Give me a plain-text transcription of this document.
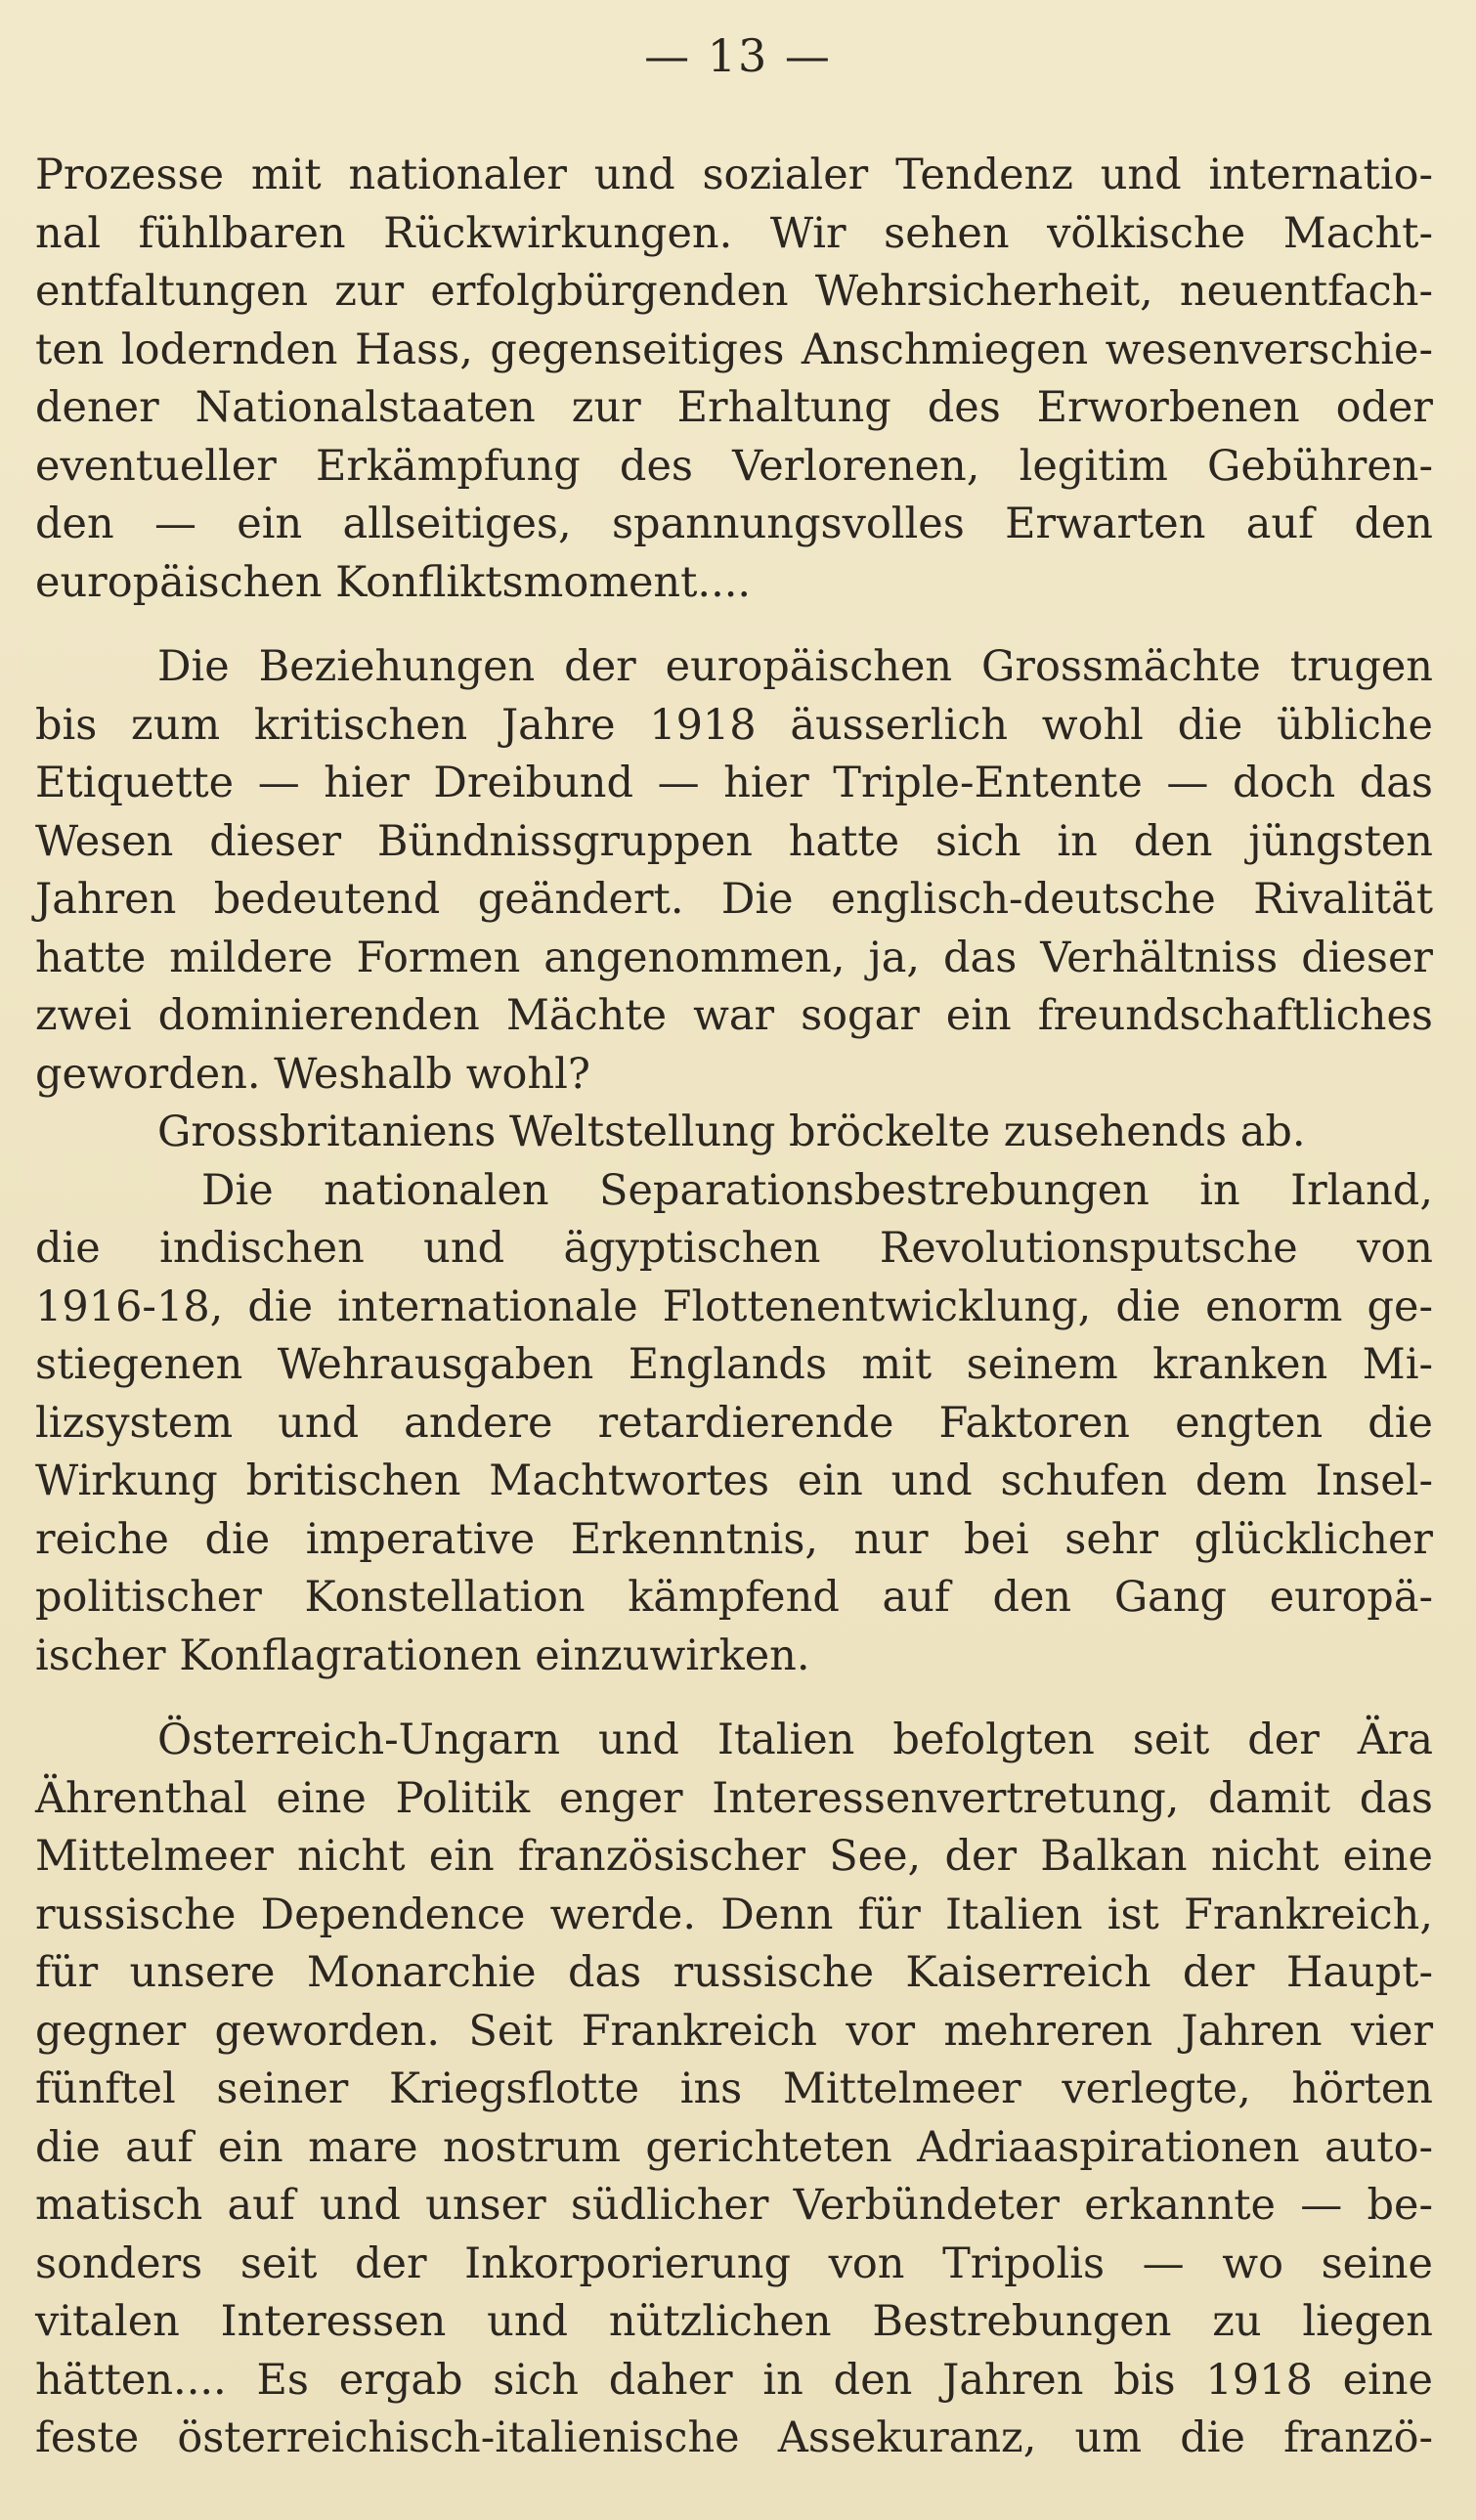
— 13 —
Prozesse mit nationaler und sozialer Tendenz und internatio-
nal fühlbaren Rückwirkungen. Wir sehen völkische Macht-
entfaltungen zur erfolgbürgenden Wehrsicherheit, neuentfach-
ten lodernden Hass, gegenseitiges Anschmiegen wesenverschie-
dener Nationalstaaten zur Erhaltung des Erworbenen oder
eventueller Erkämpfung des Verlorenen, legitim Gebühren-
den — ein allseitiges, spannungsvolles Erwarten auf den
europäischen Konfliktsmoment....
Die Beziehungen der europäischen Grossmächte trugen
bis zum kritischen Jahre 1918 äusserlich wohl die übliche
Etiquette — hier Dreibund — hier Triple-Entente — doch das
Wesen dieser Bündnissgruppen hatte sich in den jüngsten
Jahren bedeutend geändert. Die englisch-deutsche Rivalität
hatte mildere Formen angenommen, ja, das Verhältniss dieser
zwei dominierenden Mächte war sogar ein freundschaftliches
geworden. Weshalb wohl?
Grossbritaniens Weltstellung bröckelte zusehends ab.
Die nationalen Separationsbestrebungen in Irland,
die indischen und ägyptischen Revolutionsputsche von
1916-18, die internationale Flottenentwicklung, die enorm ge-
stiegenen Wehrausgaben Englands mit seinem kranken Mi-
lizsystem und andere retardierende Faktoren engten die
Wirkung britischen Machtwortes ein und schufen dem Insel-
reiche die imperative Erkenntnis, nur bei sehr glücklicher
politischer Konstellation kämpfend auf den Gang europä-
ischer Konflagrationen einzuwirken.
Österreich-Ungarn und Italien befolgten seit der Ära
Ährenthal eine Politik enger Interessenvertretung, damit das
Mittelmeer nicht ein französischer See, der Balkan nicht eine
russische Dependence werde. Denn für Italien ist Frankreich,
für unsere Monarchie das russische Kaiserreich der Haupt-
gegner geworden. Seit Frankreich vor mehreren Jahren vier
fünftel seiner Kriegsflotte ins Mittelmeer verlegte, hörten
die auf ein mare nostrum gerichteten Adriaaspirationen auto-
matisch auf und unser südlicher Verbündeter erkannte — be-
sonders seit der Inkorporierung von Tripolis — wo seine
vitalen Interessen und nützlichen Bestrebungen zu liegen
hätten.... Es ergab sich daher in den Jahren bis 1918 eine
feste österreichisch-italienische Assekuranz, um die franzö-
